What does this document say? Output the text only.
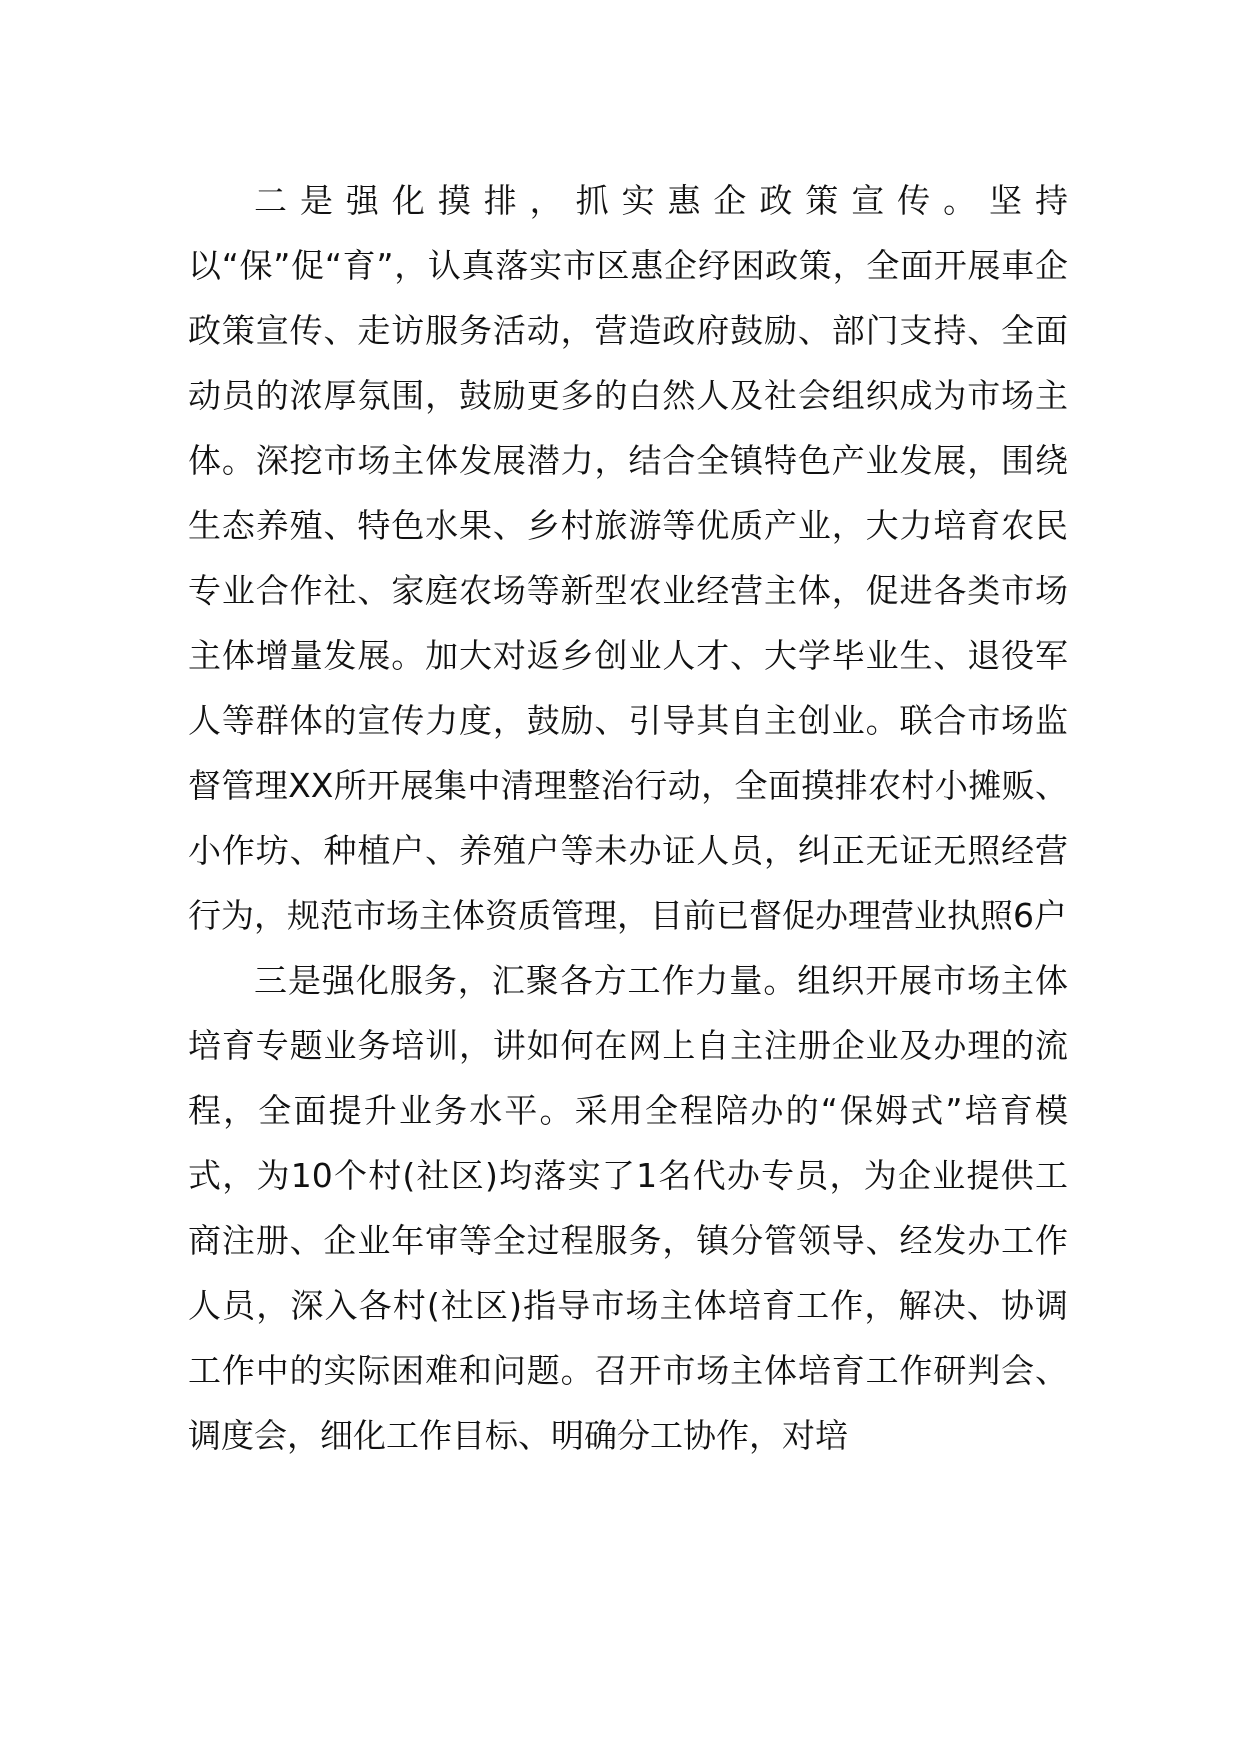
二是强化摸排，抓实惠企政策宣传。坚持以“保”促“育”，认真落实市区惠企纾困政策，全面开展車企政策宣传、走访服务活动，营造政府鼓励、部门支持、全面动员的浓厚氛围，鼓励更多的白然人及社会组织成为市场主体。深挖市场主体发展潜力，结合全镇特色产业发展，围绕生态养殖、特色水果、乡村旅游等优质产业，大力培育农民专业合作社、家庭农场等新型农业经营主体，促进各类市场主体增量发展。加大对返乡创业人才、大学毕业生、退役军人等群体的宣传力度，鼓励、引导其自主创业。联合市场监督管理XX所开展集中清理整治行动，全面摸排农村小摊贩、小作坊、种植户、养殖户等未办证人员，纠正无证无照经营行为，规范市场主体资质管理，目前已督促办理营业执照6户

三是强化服务，汇聚各方工作力量。组织开展市场主体培育专题业务培训，讲如何在网上自主注册企业及办理的流程，全面提升业务水平。采用全程陪办的“保姆式”培育模式，为10个村(社区)均落实了1名代办专员，为企业提供工商注册、企业年审等全过程服务，镇分管领导、经发办工作人员，深入各村(社区)指导市场主体培育工作，解决、协调工作中的实际困难和问题。召开市场主体培育工作研判会、调度会，细化工作目标、明确分工协作，对培
